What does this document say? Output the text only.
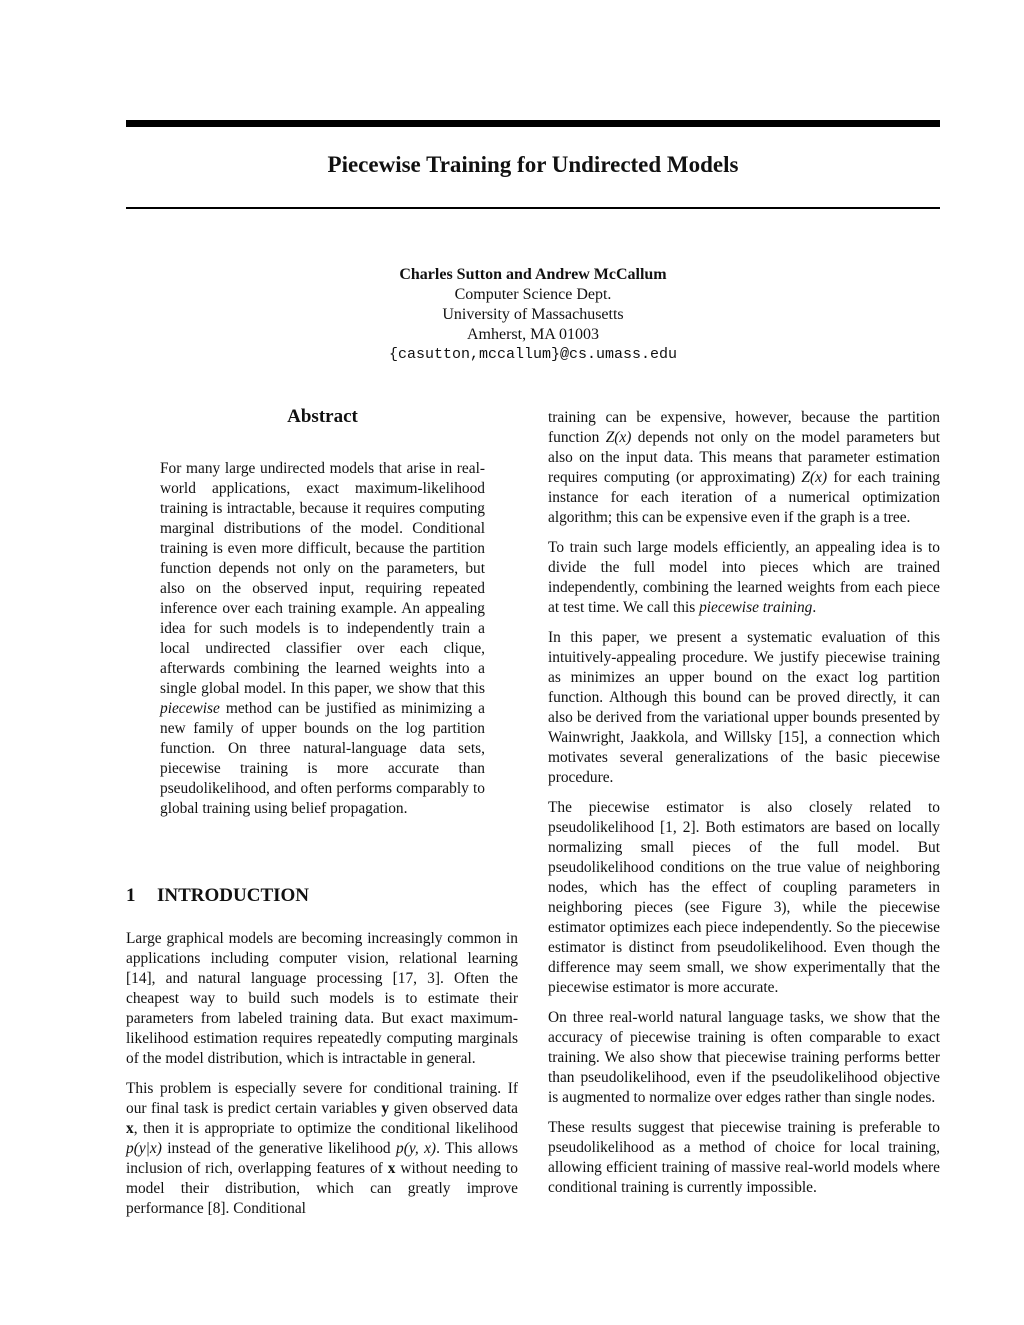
Piecewise Training for Undirected Models
Charles Sutton and Andrew McCallum
Computer Science Dept.
University of Massachusetts
Amherst, MA 01003
{casutton,mccallum}@cs.umass.edu
Abstract
For many large undirected models that arise in real-world applications, exact maximum-likelihood training is intractable, because it requires computing marginal distributions of the model. Conditional training is even more difficult, because the partition function depends not only on the parameters, but also on the observed input, requiring repeated inference over each training example. An appealing idea for such models is to independently train a local undirected classifier over each clique, afterwards combining the learned weights into a single global model. In this paper, we show that this piecewise method can be justified as minimizing a new family of upper bounds on the log partition function. On three natural-language data sets, piecewise training is more accurate than pseudolikelihood, and often performs comparably to global training using belief propagation.
1 INTRODUCTION

Large graphical models are becoming increasingly common in applications including computer vision, relational learning [14], and natural language processing [17, 3]. Often the cheapest way to build such models is to estimate their parameters from labeled training data. But exact maximum-likelihood estimation requires repeatedly computing marginals of the model distribution, which is intractable in general.

This problem is especially severe for conditional training. If our final task is predict certain variables y given observed data x, then it is appropriate to optimize the conditional likelihood p(y|x) instead of the generative likelihood p(y, x). This allows inclusion of rich, overlapping features of x without needing to model their distribution, which can greatly improve performance [8]. Conditional

training can be expensive, however, because the partition function Z(x) depends not only on the model parameters but also on the input data. This means that parameter estimation requires computing (or approximating) Z(x) for each training instance for each iteration of a numerical optimization algorithm; this can be expensive even if the graph is a tree.

To train such large models efficiently, an appealing idea is to divide the full model into pieces which are trained independently, combining the learned weights from each piece at test time. We call this piecewise training.

In this paper, we present a systematic evaluation of this intuitively-appealing procedure. We justify piecewise training as minimizes an upper bound on the exact log partition function. Although this bound can be proved directly, it can also be derived from the variational upper bounds presented by Wainwright, Jaakkola, and Willsky [15], a connection which motivates several generalizations of the basic piecewise procedure.

The piecewise estimator is also closely related to pseudolikelihood [1, 2]. Both estimators are based on locally normalizing small pieces of the full model. But pseudolikelihood conditions on the true value of neighboring nodes, which has the effect of coupling parameters in neighboring pieces (see Figure 3), while the piecewise estimator optimizes each piece independently. So the piecewise estimator is distinct from pseudolikelihood. Even though the difference may seem small, we show experimentally that the piecewise estimator is more accurate.

On three real-world natural language tasks, we show that the accuracy of piecewise training is often comparable to exact training. We also show that piecewise training performs better than pseudolikelihood, even if the pseudolikelihood objective is augmented to normalize over edges rather than single nodes.

These results suggest that piecewise training is preferable to pseudolikelihood as a method of choice for local training, allowing efficient training of massive real-world models where conditional training is currently impossible.
